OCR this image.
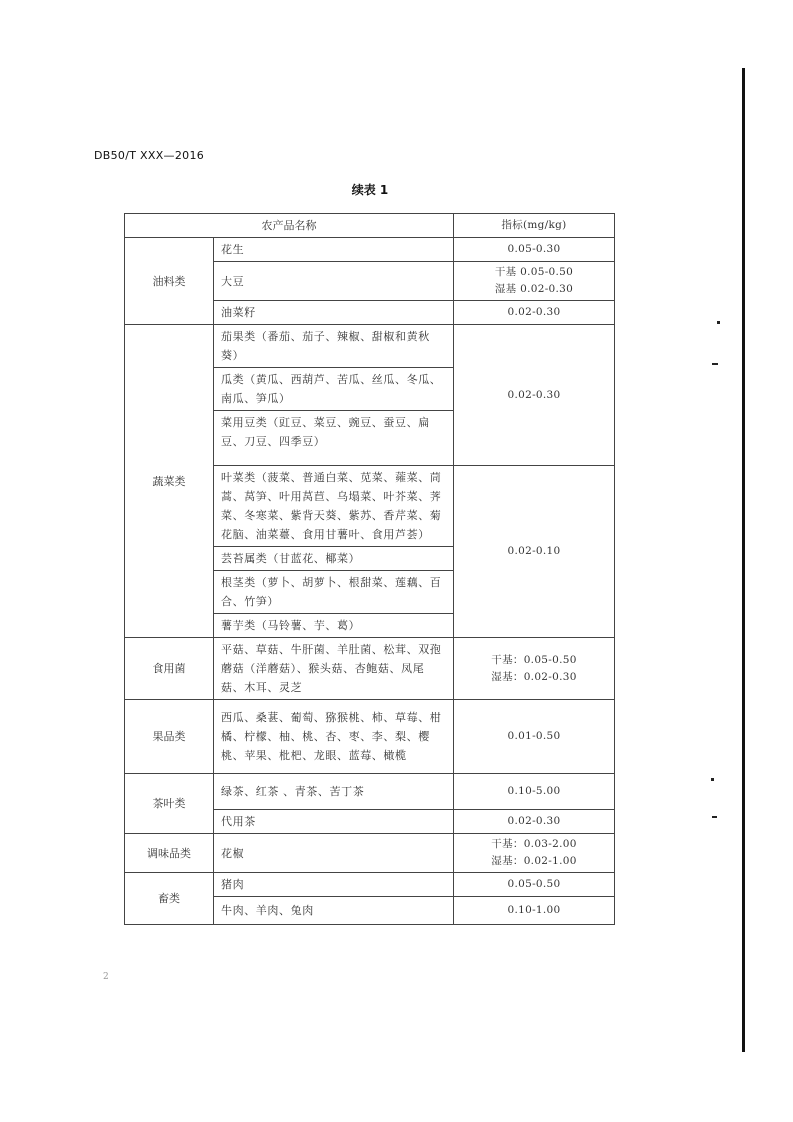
DB50/T XXX—2016
续表 1
农产品名称		指标(mg/kg)
油料类	花生	0.05-0.30
	大豆	干基 0.05-0.50
湿基 0.02-0.30

	油菜籽	0.02-0.30
蔬菜类	茄果类（番茄、茄子、辣椒、甜椒和黄秋葵）	0.02-0.30
	瓜类（黄瓜、西葫芦、苦瓜、丝瓜、冬瓜、南瓜、笋瓜）	
	菜用豆类（豇豆、菜豆、豌豆、蚕豆、扁豆、刀豆、四季豆）	
	叶菜类（菠菜、普通白菜、苋菜、蕹菜、茼蒿、莴笋、叶用莴苣、乌塌菜、叶芥菜、荠菜、冬寒菜、紫背天葵、紫苏、香芹菜、菊花脑、油菜薹、食用甘薯叶、食用芦荟）	0.02-0.10
	芸苔属类（甘蓝花、椰菜）	
	根茎类（萝卜、胡萝卜、根甜菜、莲藕、百合、竹笋）	
	薯芋类（马铃薯、芋、葛）	
食用菌	平菇、草菇、牛肝菌、羊肚菌、松茸、双孢蘑菇（洋蘑菇）、猴头菇、杏鲍菇、凤尾菇、木耳、灵芝	干基：0.05-0.50
湿基：0.02-0.30

果品类	西瓜、桑葚、葡萄、猕猴桃、柿、草莓、柑橘、柠檬、柚、桃、杏、枣、李、梨、樱桃、苹果、枇杷、龙眼、蓝莓、橄榄	0.01-0.50
茶叶类	绿茶、红茶 、青茶、苦丁茶	0.10-5.00
	代用茶	0.02-0.30
调味品类	花椒	干基：0.03-2.00
湿基：0.02-1.00

畜类	猪肉	0.05-0.50
	牛肉、羊肉、兔肉	0.10-1.00
2
